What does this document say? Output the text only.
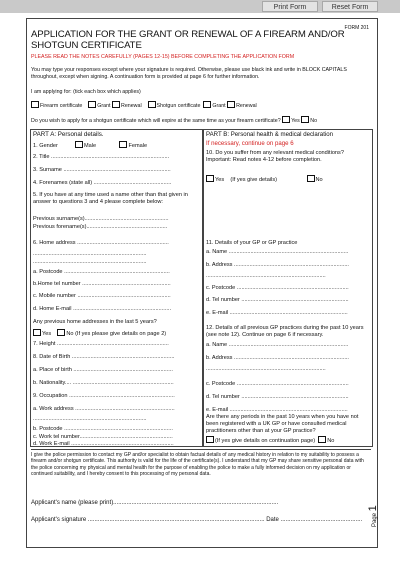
Print Form	Reset Form
FORM 201
APPLICATION FOR THE GRANT OR RENEWAL OF A FIREARM AND/OR SHOTGUN CERTIFICATE
PLEASE READ THE NOTES CAREFULLY (PAGES 12-15) BEFORE COMPLETING THE APPLICATION FORM
You may type your responses except where your signature is required. Otherwise, please use black ink and write in BLOCK CAPITALS throughout, except when signing. A continuation form is provided at page 6 for further information.
I am applying for: (tick each box which applies)
Firearm certificate	Grant Renewal	Shotgun certificate Grant Renewal
Do you wish to apply for a shotgun certificate which will expire at the same time as your firearm certificate? Yes No
PART A: Personal details.
1. Gender	Male	Female
2. Title ............................................................................
3. Surname .....................................................................
4. Forenames (state all) ..................................................
5. If you have at any time used a name other than that given in answer to questions 3 and 4 please complete below:
Previous surname(s)......................................................
Previous forename(s)....................................................
6. Home address ...........................................................
.........................................................................
.........................................................................
a. Postcode ....................................................................
b.Home tel number .........................................................
c. Mobile number ............................................................
d. Home E-mail ...............................................................
Any previous home addresses in the last 5 years?
Yes	No (If yes please give details on page 2)
7. Height ........................................................................
8. Date of Birth ..................................................................
a. Place of birth ................................................................
b. Nationality.... .................................................................
9. Occupation ....................................................................
a. Work address ................................................................
.........................................................................
b. Postcode ......................................................................
c. Work tel number............................................................
d. Work E-mail ..................................................................
PART B: Personal health & medical declaration
If necessary, continue on page 6
10. Do you suffer from any relevant medical conditions? Important: Read notes 4-12 before completion.
Yes (If yes give details)	No
11. Details of your GP or GP practice
a. Name .............................................................................
b. Address ..........................................................................
.............................................................................
c. Postcode ........................................................................
d. Tel number .....................................................................
e. E-mail ............................................................................
12. Details of all previous GP practices during the past 10 years (see note 12). Continue on page 6 if necessary.
a. Name .............................................................................
b. Address ..........................................................................
.............................................................................
c. Postcode ........................................................................
d. Tel number .....................................................................
e. E-mail ............................................................................
Are there any periods in the past 10 years when you have not been registered with a UK GP or have consulted medical practitioners other than at your GP practice?
(If yes give details on continuation page) No
I give the police permission to contact my GP and/or specialist to obtain factual details of any medical history in relation to my suitability to possess a firearm and/or shotgun certificate. This authority is valid for the life of the certificate(s). I understand that my GP may share sensitive personal data with the police concerning my physical and mental health for the purpose of enabling the police to make a fully informed decision on my application or continued suitability, and I hereby consent to this processing of my personal data.
Applicant's name (please print)...................................................................................................
Applicant's signature .......................................................................................................... Date .................................................	Page 1
